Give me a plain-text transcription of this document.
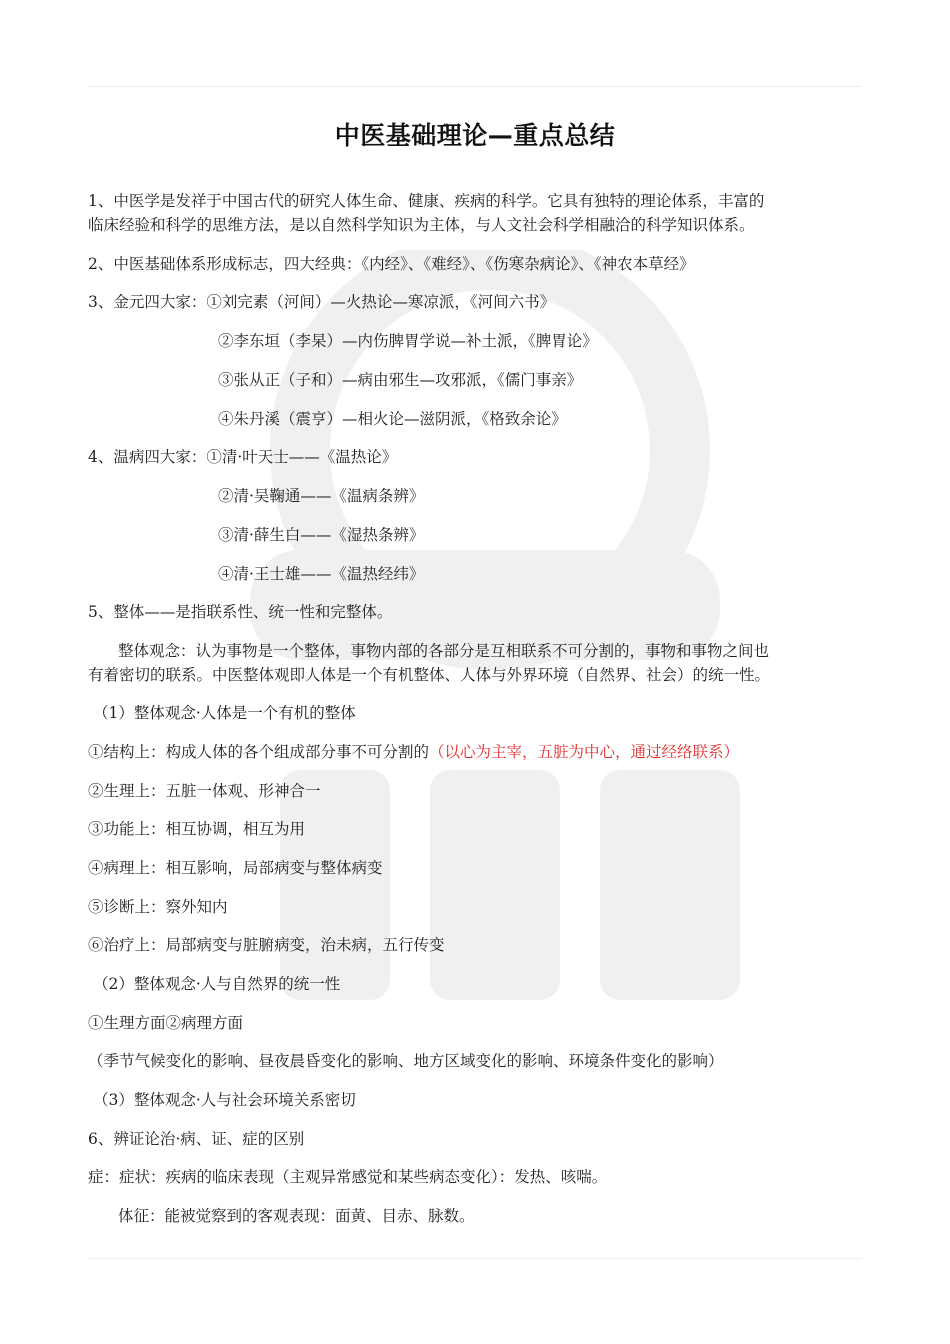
中医基础理论—重点总结
1、中医学是发祥于中国古代的研究人体生命、健康、疾病的科学。它具有独特的理论体系，丰富的
临床经验和科学的思维方法，是以自然科学知识为主体，与人文社会科学相融洽的科学知识体系。
2、中医基础体系形成标志，四大经典：《内经》、《难经》、《伤寒杂病论》、《神农本草经》
3、金元四大家：①刘完素（河间）—火热论—寒凉派，《河间六书》
②李东垣（李杲）—内伤脾胃学说—补土派，《脾胃论》
③张从正（子和）—病由邪生—攻邪派，《儒门事亲》
④朱丹溪（震亨）—相火论—滋阴派，《格致余论》
4、温病四大家：①清·叶天士——《温热论》
②清·吴鞠通——《温病条辨》
③清·薛生白——《湿热条辨》
④清·王士雄——《温热经纬》
5、整体——是指联系性、统一性和完整体。
整体观念：认为事物是一个整体，事物内部的各部分是互相联系不可分割的，事物和事物之间也
有着密切的联系。中医整体观即人体是一个有机整体、人体与外界环境（自然界、社会）的统一性。
（1）整体观念·人体是一个有机的整体
①结构上：构成人体的各个组成部分事不可分割的（以心为主宰，五脏为中心，通过经络联系）
②生理上：五脏一体观、形神合一
③功能上：相互协调，相互为用
④病理上：相互影响，局部病变与整体病变
⑤诊断上：察外知内
⑥治疗上：局部病变与脏腑病变，治未病，五行传变
（2）整体观念·人与自然界的统一性
①生理方面②病理方面
（季节气候变化的影响、昼夜晨昏变化的影响、地方区域变化的影响、环境条件变化的影响）
（3）整体观念·人与社会环境关系密切
6、辨证论治·病、证、症的区别
症：症状：疾病的临床表现（主观异常感觉和某些病态变化）：发热、咳喘。
体征：能被觉察到的客观表现：面黄、目赤、脉数。
